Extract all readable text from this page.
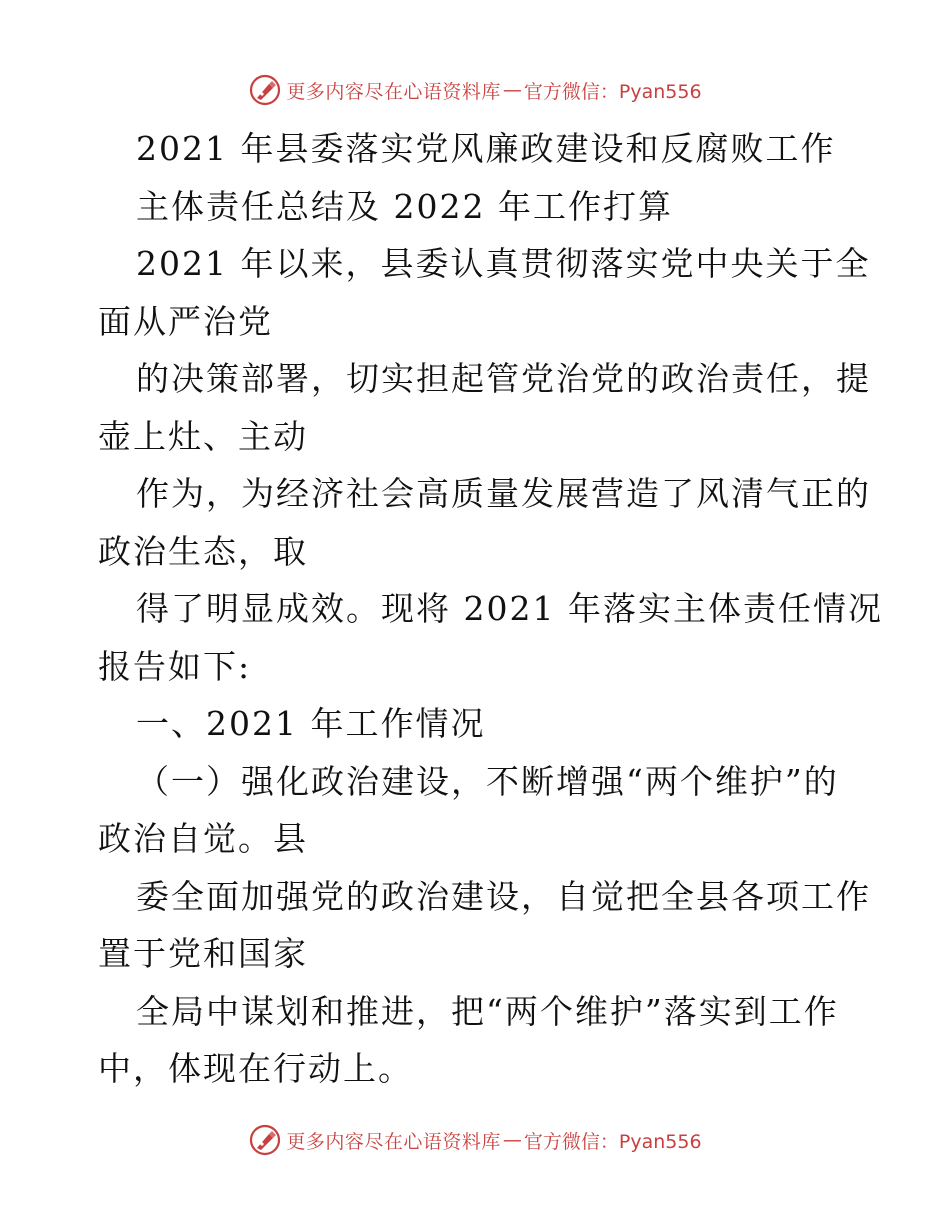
更多内容尽在心语资料库 — 官方微信：Pyan556
2021 年县委落实党风廉政建设和反腐败工作
主体责任总结及 2022 年工作打算
2021 年以来，县委认真贯彻落实党中央关于全
面从严治党
的决策部署，切实担起管党治党的政治责任，提
壶上灶、主动
作为，为经济社会高质量发展营造了风清气正的
政治生态，取
得了明显成效。现将 2021 年落实主体责任情况
报告如下:
一、2021 年工作情况
（一）强化政治建设，不断增强“两个维护”的
政治自觉。县
委全面加强党的政治建设，自觉把全县各项工作
置于党和国家
全局中谋划和推进，把“两个维护”落实到工作
中，体现在行动上。
更多内容尽在心语资料库 — 官方微信：Pyan556
